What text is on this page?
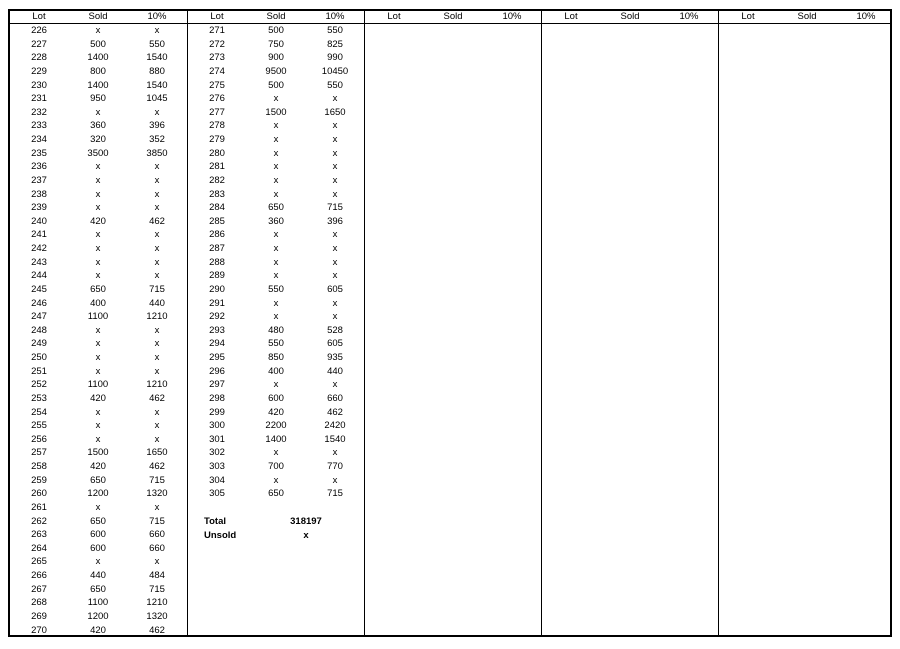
Lot	Sold	10%
226	x	x
227	500	550
228	1400	1540
229	800	880
230	1400	1540
231	950	1045
232	x	x
233	360	396
234	320	352
235	3500	3850
236	x	x
237	x	x
238	x	x
239	x	x
240	420	462
241	x	x
242	x	x
243	x	x
244	x	x
245	650	715
246	400	440
247	1100	1210
248	x	x
249	x	x
250	x	x
251	x	x
252	1100	1210
253	420	462
254	x	x
255	x	x
256	x	x
257	1500	1650
258	420	462
259	650	715
260	1200	1320
261	x	x
262	650	715
263	600	660
264	600	660
265	x	x
266	440	484
267	650	715
268	1100	1210
269	1200	1320
270	420	462
Lot	Sold	10%
271	500	550
272	750	825
273	900	990
274	9500	10450
275	500	550
276	x	x
277	1500	1650
278	x	x
279	x	x
280	x	x
281	x	x
282	x	x
283	x	x
284	650	715
285	360	396
286	x	x
287	x	x
288	x	x
289	x	x
290	550	605
291	x	x
292	x	x
293	480	528
294	550	605
295	850	935
296	400	440
297	x	x
298	600	660
299	420	462
300	2200	2420
301	1400	1540
302	x	x
303	700	770
304	x	x
305	650	715
Total	318197
Unsold	x
Lot	Sold	10%	Lot	Sold	10%	Lot	Sold	10%
